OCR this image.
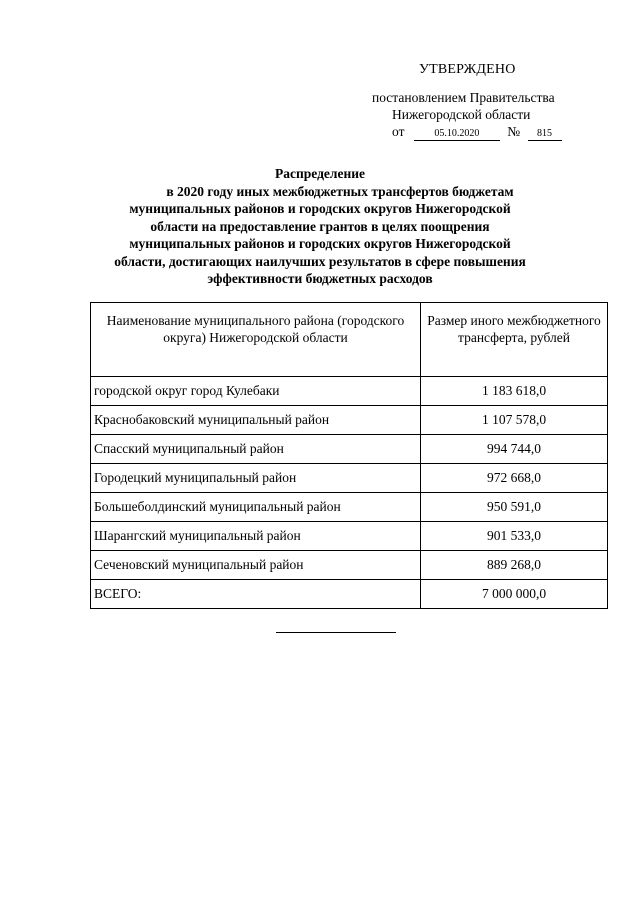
УТВЕРЖДЕНО
постановлением Правительства
Нижегородской области
от	05.10.2020 № 815
Распределение
в 2020 году иных межбюджетных трансфертов бюджетам
муниципальных районов и городских округов Нижегородской
области на предоставление грантов в целях поощрения
муниципальных районов и городских округов Нижегородской
области, достигающих наилучших результатов в сфере повышения
эффективности бюджетных расходов
Наименование муниципального района (городского округа) Нижегородской области	Размер иного межбюджетного трансферта, рублей
городской округ город Кулебаки	1 183 618,0
Краснобаковский муниципальный район	1 107 578,0
Спасский муниципальный район	994 744,0
Городецкий муниципальный район	972 668,0
Большеболдинский муниципальный район	950 591,0
Шарангский муниципальный район	901 533,0
Сеченовский муниципальный район	889 268,0
ВСЕГО:	7 000 000,0
